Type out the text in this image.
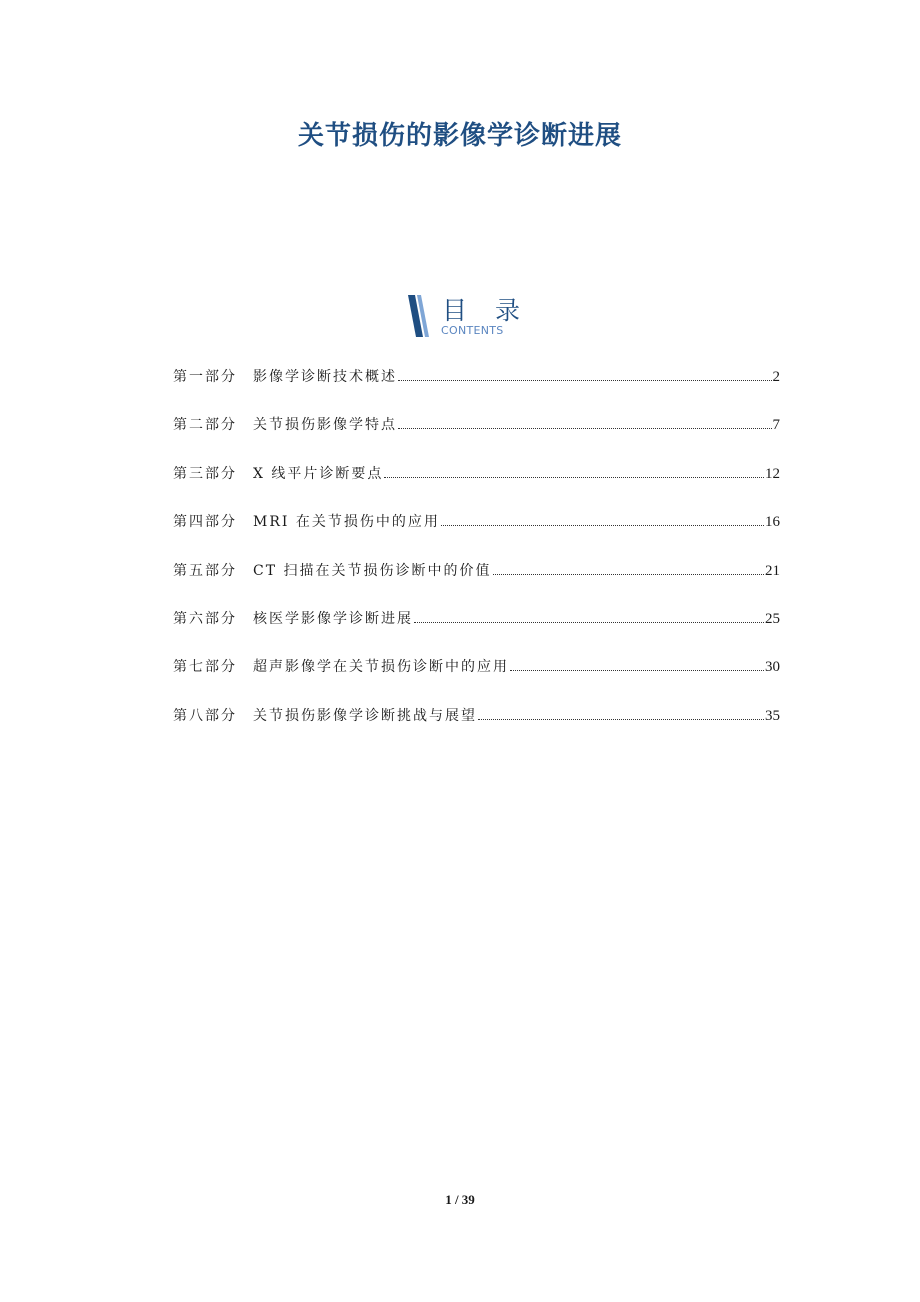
关节损伤的影像学诊断进展
目 录
CONTENTS
第一部分	影像学诊断技术概述	2
第二部分	关节损伤影像学特点	7
第三部分	X 线平片诊断要点	12
第四部分	MRI 在关节损伤中的应用	16
第五部分	CT 扫描在关节损伤诊断中的价值	21
第六部分	核医学影像学诊断进展	25
第七部分	超声影像学在关节损伤诊断中的应用	30
第八部分	关节损伤影像学诊断挑战与展望	35
1 / 39
